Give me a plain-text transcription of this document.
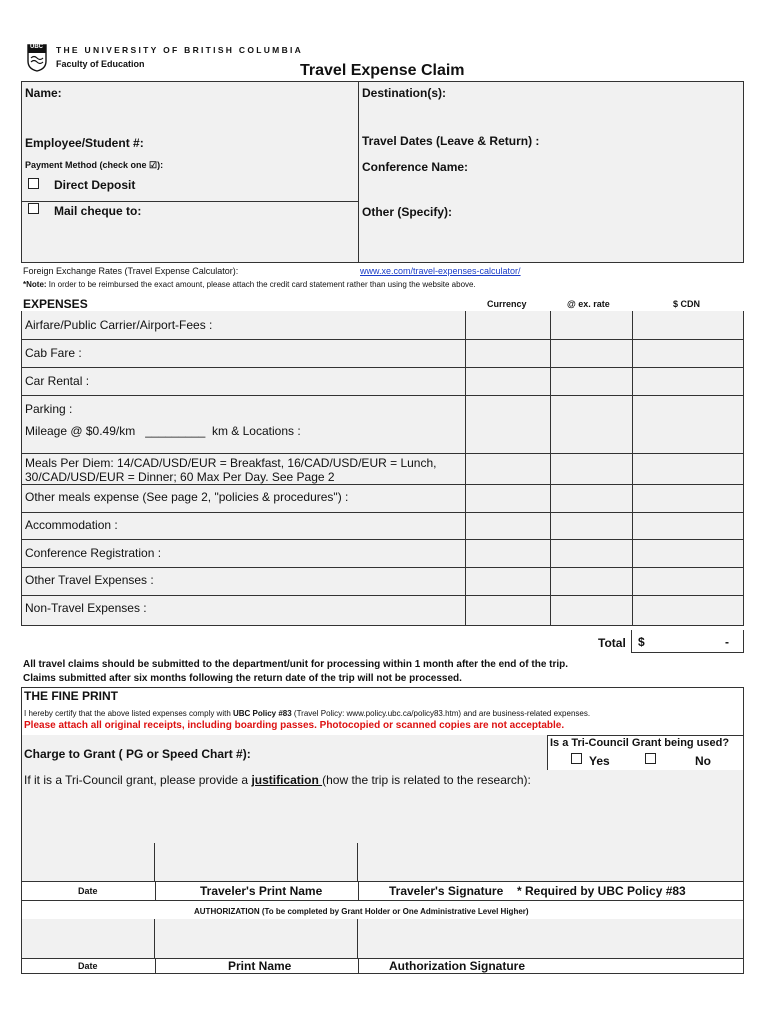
UBC THE UNIVERSITY OF BRITISH COLUMBIA
Faculty of Education	Travel Expense Claim
Name:	Destination(s):
Employee/Student #:	Travel Dates (Leave & Return) :
Payment Method (check one ☑):
Direct Deposit
Mail cheque to:
Conference Name:
Other (Specify):
Foreign Exchange Rates (Travel Expense Calculator):	www.xe.com/travel-expenses-calculator/
*Note: In order to be reimbursed the exact amount, please attach the credit card statement rather than using the website above.
EXPENSES	Currency	@ ex. rate	$ CDN
Airfare/Public Carrier/Airport-Fees :
Cab Fare :
Car Rental :
Parking :
Mileage @ $0.49/km   _________  km & Locations :
Meals Per Diem: 14/CAD/USD/EUR = Breakfast, 16/CAD/USD/EUR = Lunch,
30/CAD/USD/EUR = Dinner; 60 Max Per Day. See Page 2
Other meals expense (See page 2, "policies & procedures") :
Accommodation :
Conference Registration :
Other Travel Expenses :
Non-Travel Expenses :
Total $	-
All travel claims should be submitted to the department/unit for processing within 1 month after the end of the trip.
Claims submitted after six months following the return date of the trip will not be processed.
THE FINE PRINT
I hereby certify that the above listed expenses comply with UBC Policy #83 (Travel Policy: www.policy.ubc.ca/policy83.htm) and are business-related expenses.
Please attach all original receipts, including boarding passes. Photocopied or scanned copies are not acceptable.
Charge to Grant ( PG or Speed Chart #):
Is a Tri-Council Grant being used?
Yes	No
If it is a Tri-Council grant, please provide a justification (how the trip is related to the research):
Date	Traveler's Print Name	Traveler's Signature * Required by UBC Policy #83
AUTHORIZATION (To be completed by Grant Holder or One Administrative Level Higher)
Date	Print Name	Authorization Signature
